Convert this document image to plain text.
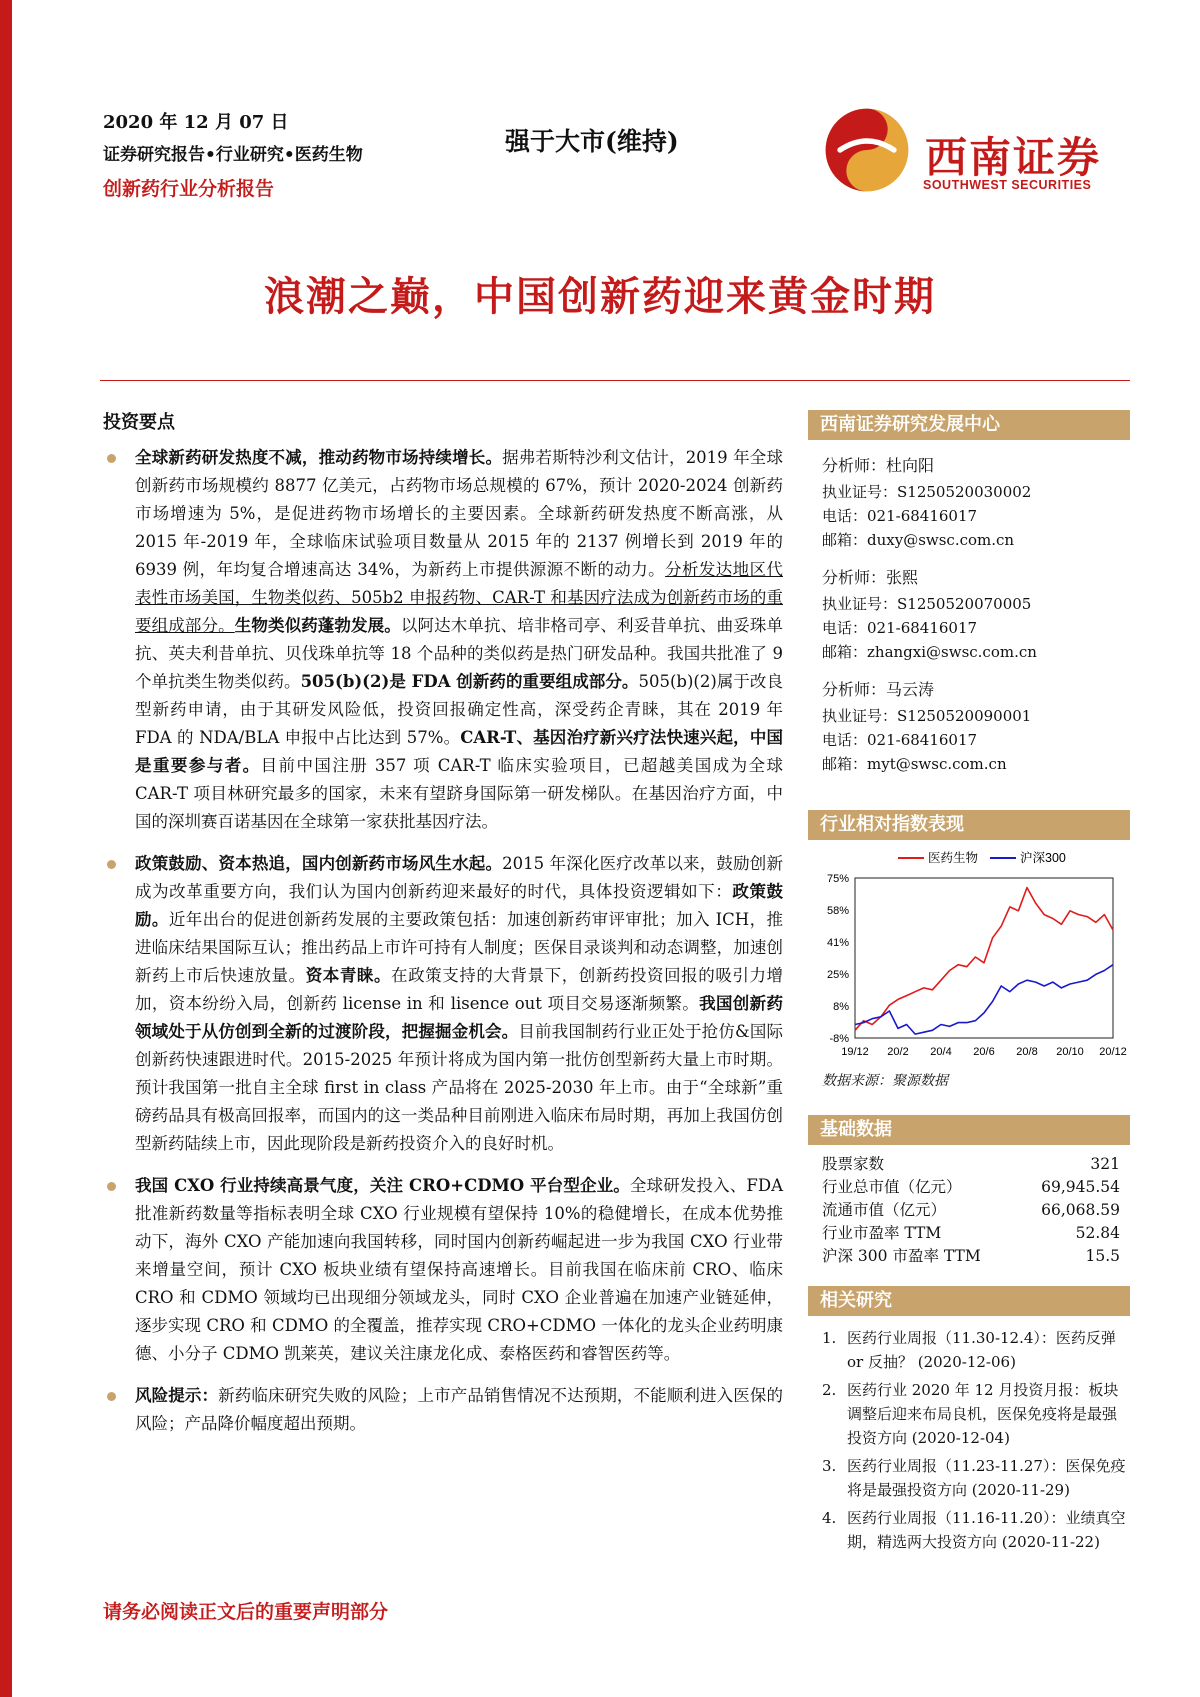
2020 年 12 月 07 日
证券研究报告•行业研究•医药生物
创新药行业分析报告
强于大市(维持)	西南证券
SOUTHWEST SECURITIES
浪潮之巅，中国创新药迎来黄金时期
投资要点
全球新药研发热度不减，推动药物市场持续增长。据弗若斯特沙利文估计，2019 年全球创新药市场规模约 8877 亿美元，占药物市场总规模的 67%，预计 2020-2024 创新药市场增速为 5%，是促进药物市场增长的主要因素。全球新药研发热度不断高涨，从 2015 年-2019 年，全球临床试验项目数量从 2015 年的 2137 例增长到 2019 年的 6939 例，年均复合增速高达 34%，为新药上市提供源源不断的动力。分析发达地区代表性市场美国，生物类似药、505b2 申报药物、CAR-T 和基因疗法成为创新药市场的重要组成部分。生物类似药蓬勃发展。以阿达木单抗、培非格司亭、利妥昔单抗、曲妥珠单抗、英夫利昔单抗、贝伐珠单抗等 18 个品种的类似药是热门研发品种。我国共批准了 9 个单抗类生物类似药。505(b)(2)是 FDA 创新药的重要组成部分。505(b)(2)属于改良型新药申请，由于其研发风险低，投资回报确定性高，深受药企青睐，其在 2019 年 FDA 的 NDA/BLA 申报中占比达到 57%。CAR-T、基因治疗新兴疗法快速兴起，中国是重要参与者。目前中国注册 357 项 CAR-T 临床实验项目，已超越美国成为全球 CAR-T 项目林研究最多的国家，未来有望跻身国际第一研发梯队。在基因治疗方面，中国的深圳赛百诺基因在全球第一家获批基因疗法。
政策鼓励、资本热追，国内创新药市场风生水起。2015 年深化医疗改革以来，鼓励创新成为改革重要方向，我们认为国内创新药迎来最好的时代，具体投资逻辑如下：政策鼓励。近年出台的促进创新药发展的主要政策包括：加速创新药审评审批；加入 ICH，推进临床结果国际互认；推出药品上市许可持有人制度；医保目录谈判和动态调整，加速创新药上市后快速放量。资本青睐。在政策支持的大背景下，创新药投资回报的吸引力增加，资本纷纷入局，创新药 license in 和 lisence out 项目交易逐渐频繁。我国创新药领域处于从仿创到全新的过渡阶段，把握掘金机会。目前我国制药行业正处于抢仿&国际创新药快速跟进时代。2015-2025 年预计将成为国内第一批仿创型新药大量上市时期。预计我国第一批自主全球 first in class 产品将在 2025-2030 年上市。由于“全球新”重磅药品具有极高回报率，而国内的这一类品种目前刚进入临床布局时期，再加上我国仿创型新药陆续上市，因此现阶段是新药投资介入的良好时机。
我国 CXO 行业持续高景气度，关注 CRO+CDMO 平台型企业。全球研发投入、FDA 批准新药数量等指标表明全球 CXO 行业规模有望保持 10%的稳健增长，在成本优势推动下，海外 CXO 产能加速向我国转移，同时国内创新药崛起进一步为我国 CXO 行业带来增量空间，预计 CXO 板块业绩有望保持高速增长。目前我国在临床前 CRO、临床 CRO 和 CDMO 领域均已出现细分领域龙头，同时 CXO 企业普遍在加速产业链延伸，逐步实现 CRO 和 CDMO 的全覆盖，推荐实现 CRO+CDMO 一体化的龙头企业药明康德、小分子 CDMO 凯莱英，建议关注康龙化成、泰格医药和睿智医药等。
风险提示：新药临床研究失败的风险；上市产品销售情况不达预期，不能顺利进入医保的风险；产品降价幅度超出预期。
西南证券研究发展中心
分析师：杜向阳
执业证号：S1250520030002
电话：021-68416017
邮箱：duxy@swsc.com.cn
分析师：张熙
执业证号：S1250520070005
电话：021-68416017
邮箱：zhangxi@swsc.com.cn
分析师：马云涛
执业证号：S1250520090001
电话：021-68416017
邮箱：myt@swsc.com.cn
行业相对指数表现
医药生物	沪深300
75%
58%
41%
25%
8%
-8%
19/12 20/2 20/4 20/6 20/8 20/10 20/12
数据来源：聚源数据
基础数据
股票家数	321
行业总市值（亿元）	69,945.54
流通市值（亿元）	66,068.59
行业市盈率 TTM	52.84
沪深 300 市盈率 TTM	15.5
相关研究
1. 医药行业周报（11.30-12.4）：医药反弹or 反抽？ (2020-12-06)
2. 医药行业 2020 年 12 月投资月报：板块调整后迎来布局良机，医保免疫将是最强投资方向 (2020-12-04)
3. 医药行业周报（11.23-11.27）：医保免疫将是最强投资方向 (2020-11-29)
4. 医药行业周报（11.16-11.20）：业绩真空期，精选两大投资方向 (2020-11-22)
请务必阅读正文后的重要声明部分
